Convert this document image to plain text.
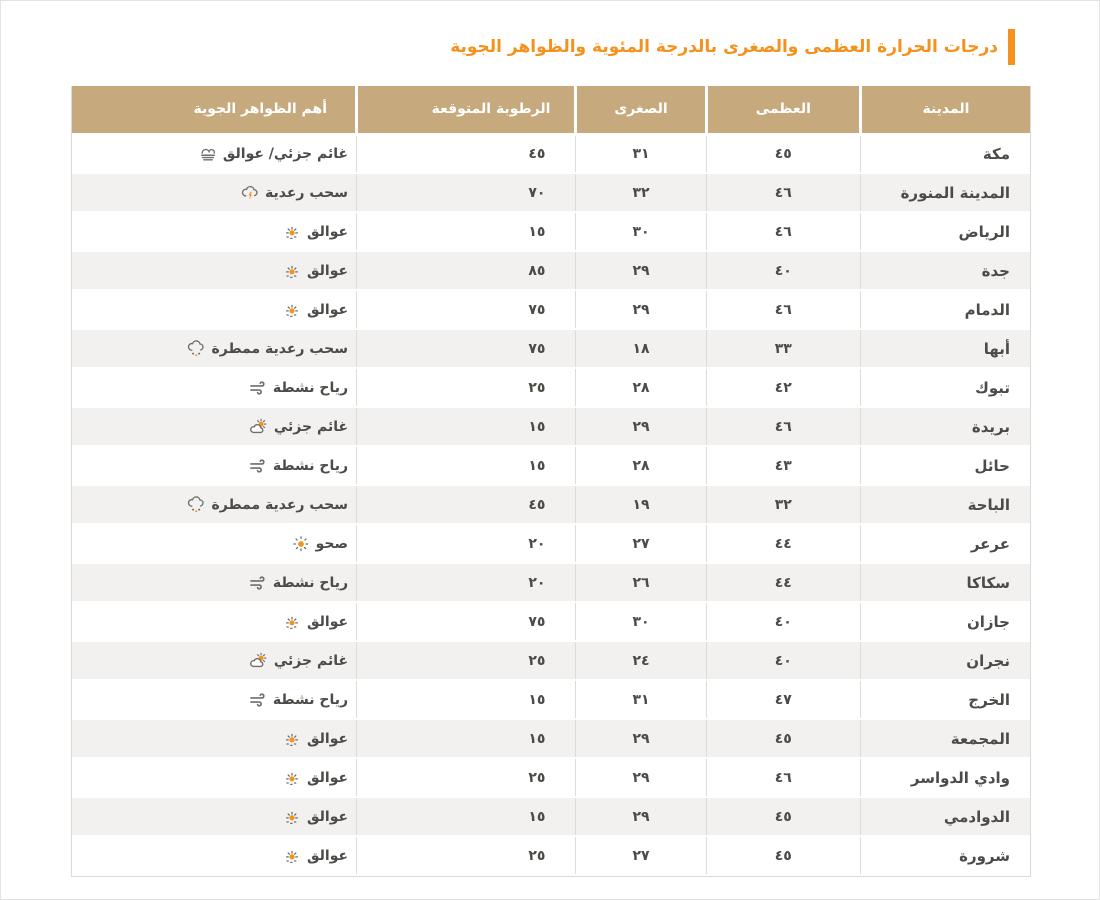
درجات الحرارة العظمى والصغرى بالدرجة المئوية والظواهر الجوية
المدينة	العظمى	الصغرى	الرطوبة المتوقعة	أهم الظواهر الجوية
مكة	٤٥	٣١	٤٥	غائم جزئي/ عوالق

المدينة المنورة	٤٦	٣٢	٧٠	سحب رعدية

الرياض	٤٦	٣٠	١٥	عوالق

جدة	٤٠	٢٩	٨٥	عوالق

الدمام	٤٦	٢٩	٧٥	عوالق

أبها	٣٣	١٨	٧٥	سحب رعدية ممطرة

تبوك	٤٢	٢٨	٢٥	رياح نشطة

بريدة	٤٦	٢٩	١٥	غائم جزئي

حائل	٤٣	٢٨	١٥	رياح نشطة

الباحة	٣٢	١٩	٤٥	سحب رعدية ممطرة

عرعر	٤٤	٢٧	٢٠	صحو

سكاكا	٤٤	٢٦	٢٠	رياح نشطة

جازان	٤٠	٣٠	٧٥	عوالق

نجران	٤٠	٢٤	٢٥	غائم جزئي

الخرج	٤٧	٣١	١٥	رياح نشطة

المجمعة	٤٥	٢٩	١٥	عوالق

وادي الدواسر	٤٦	٢٩	٢٥	عوالق

الدوادمي	٤٥	٢٩	١٥	عوالق

شرورة	٤٥	٢٧	٢٥	عوالق
